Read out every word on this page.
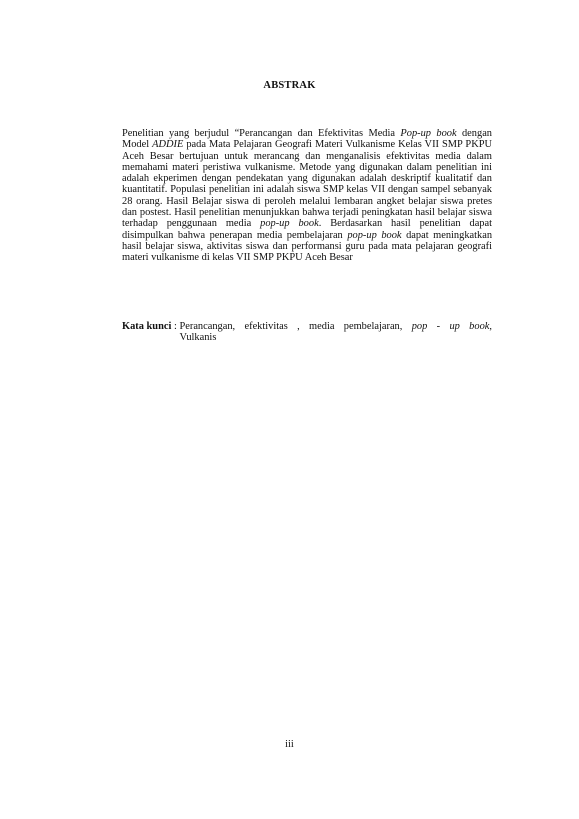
ABSTRAK

Penelitian yang berjudul “Perancangan dan Efektivitas Media Pop-up book dengan Model ADDIE pada Mata Pelajaran Geografi Materi Vulkanisme Kelas VII SMP PKPU Aceh Besar bertujuan untuk merancang dan menganalisis efektivitas media dalam memahami materi peristiwa vulkanisme. Metode yang digunakan dalam penelitian ini adalah ekperimen dengan pendekatan yang digunakan adalah deskriptif kualitatif dan kuantitatif. Populasi penelitian ini adalah siswa SMP kelas VII dengan sampel sebanyak 28 orang. Hasil Belajar siswa di peroleh melalui lembaran angket belajar siswa pretes dan postest. Hasil penelitian menunjukkan bahwa terjadi peningkatan hasil belajar siswa terhadap penggunaan media pop-up book. Berdasarkan hasil penelitian dapat disimpulkan bahwa penerapan media pembelajaran pop-up book dapat meningkatkan hasil belajar siswa, aktivitas siswa dan performansi guru pada mata pelajaran geografi materi vulkanisme di kelas VII SMP PKPU Aceh Besar

Kata kunci : Perancangan, efektivitas , media pembelajaran, pop - up book,
Vulkanis
iii
